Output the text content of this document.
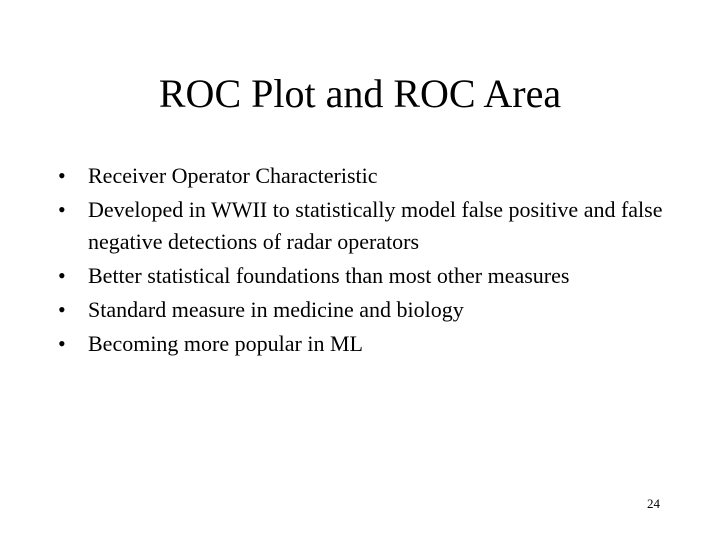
ROC Plot and ROC Area
•	Receiver Operator Characteristic
•	Developed in WWII to statistically model false positive and false negative detections of radar operators
•	Better statistical foundations than most other measures
•	Standard measure in medicine and biology
•	Becoming more popular in ML
24
